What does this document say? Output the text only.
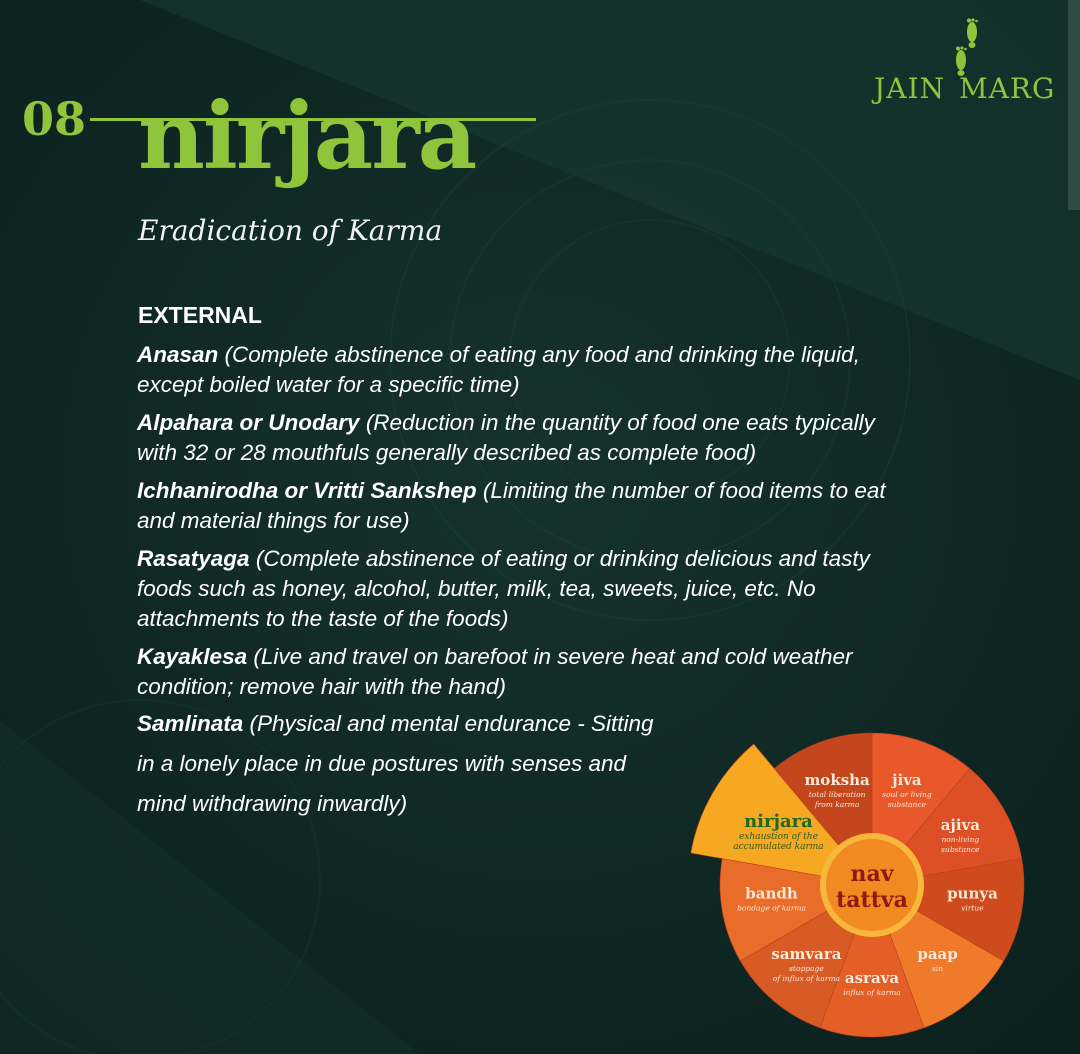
JAIN MARG
08 nirjara
Eradication of Karma
EXTERNAL
Anasan (Complete abstinence of eating any food and drinking the liquid, except boiled water for a specific time)
Alpahara or Unodary (Reduction in the quantity of food one eats typically with 32 or 28 mouthfuls generally described as complete food)
Ichhanirodha or Vritti Sankshep (Limiting the number of food items to eat and material things for use)
Rasatyaga (Complete abstinence of eating or drinking delicious and tasty foods such as honey, alcohol, butter, milk, tea, sweets, juice, etc. No attachments to the taste of the foods)
Kayaklesa (Live and travel on barefoot in severe heat and cold weather condition; remove hair with the hand)
Samlinata (Physical and mental endurance - Sitting in a lonely place in due postures with senses and mind withdrawing inwardly)
jiva
soul or living
substance
ajiva
non-living
substance
punya
virtue
paap
sin
asrava
influx of karma
samvara
stoppage
of influx of karma
bandh
bondage of karma
nirjara
exhaustion of the
accumulated karma
moksha
total liberation
from karma
nav
tattva
